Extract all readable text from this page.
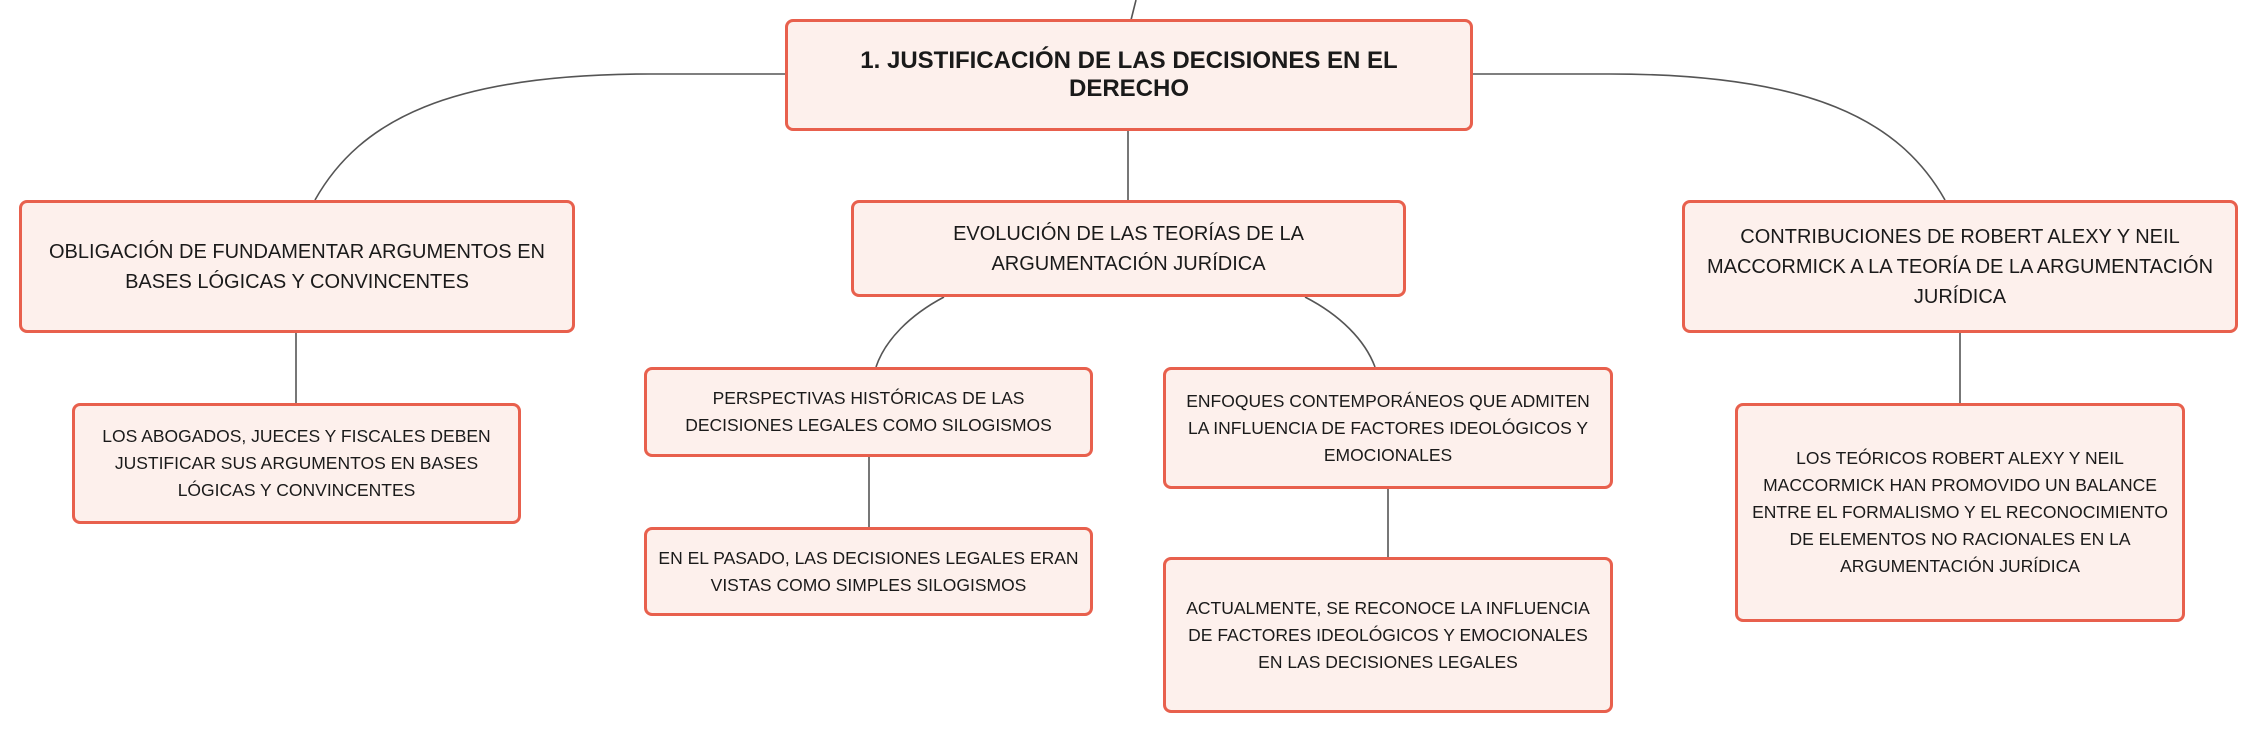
1. JUSTIFICACIÓN DE LAS DECISIONES EN EL DERECHO
OBLIGACIÓN DE FUNDAMENTAR ARGUMENTOS EN BASES LÓGICAS Y CONVINCENTES
EVOLUCIÓN DE LAS TEORÍAS DE LA ARGUMENTACIÓN JURÍDICA
CONTRIBUCIONES DE ROBERT ALEXY Y NEIL MACCORMICK A LA TEORÍA DE LA ARGUMENTACIÓN JURÍDICA
LOS ABOGADOS, JUECES Y FISCALES DEBEN JUSTIFICAR SUS ARGUMENTOS EN BASES LÓGICAS Y CONVINCENTES
PERSPECTIVAS HISTÓRICAS DE LAS DECISIONES LEGALES COMO SILOGISMOS
EN EL PASADO, LAS DECISIONES LEGALES ERAN VISTAS COMO SIMPLES SILOGISMOS
ENFOQUES CONTEMPORÁNEOS QUE ADMITEN LA INFLUENCIA DE FACTORES IDEOLÓGICOS Y EMOCIONALES
ACTUALMENTE, SE RECONOCE LA INFLUENCIA DE FACTORES IDEOLÓGICOS Y EMOCIONALES EN LAS DECISIONES LEGALES
LOS TEÓRICOS ROBERT ALEXY Y NEIL MACCORMICK HAN PROMOVIDO UN BALANCE ENTRE EL FORMALISMO Y EL RECONOCIMIENTO DE ELEMENTOS NO RACIONALES EN LA ARGUMENTACIÓN JURÍDICA
